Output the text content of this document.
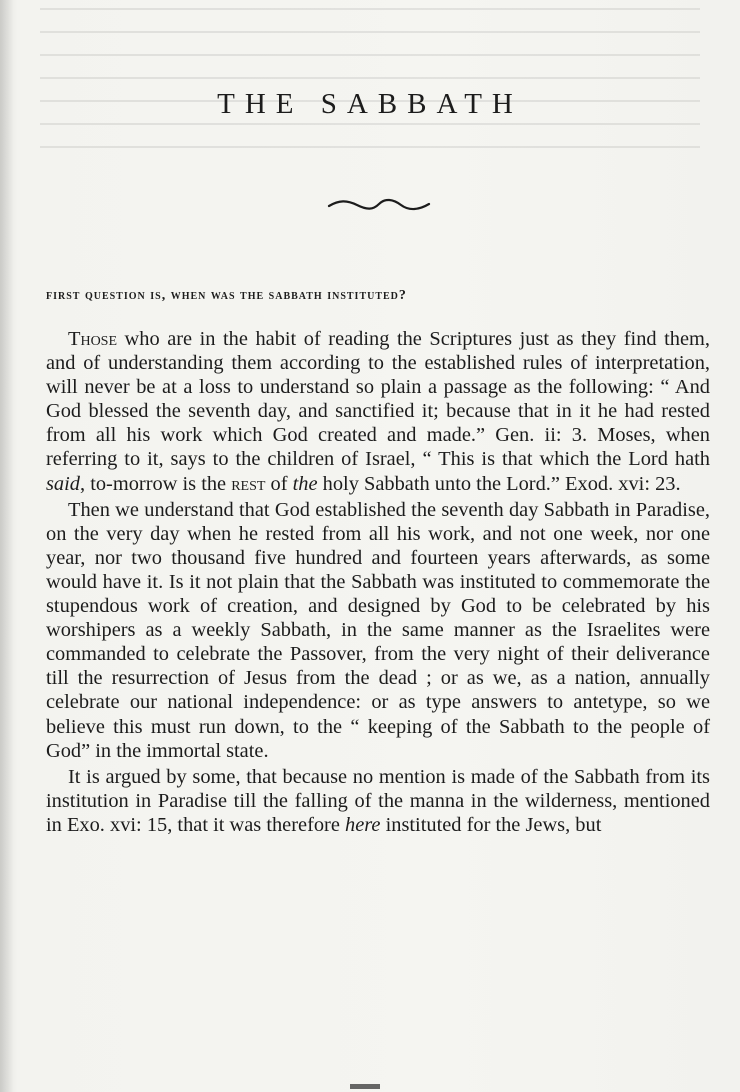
THE SABBATH
first question is, when was the sabbath instituted?

Those who are in the habit of reading the Scriptures just as they find them, and of understanding them according to the established rules of interpretation, will never be at a loss to understand so plain a passage as the following: “ And God blessed the seventh day, and sanctified it; because that in it he had rested from all his work which God created and made.” Gen. ii: 3. Moses, when referring to it, says to the children of Israel, “ This is that which the Lord hath said, to-morrow is the rest of the holy Sabbath unto the Lord.” Exod. xvi: 23.

Then we understand that God established the seventh day Sabbath in Paradise, on the very day when he rested from all his work, and not one week, nor one year, nor two thousand five hundred and fourteen years afterwards, as some would have it. Is it not plain that the Sabbath was instituted to commemorate the stupendous work of creation, and designed by God to be celebrated by his worshipers as a weekly Sabbath, in the same manner as the Israelites were commanded to celebrate the Passover, from the very night of their deliverance till the resurrection of Jesus from the dead ; or as we, as a nation, annually celebrate our national independence: or as type answers to antetype, so we believe this must run down, to the “ keeping of the Sabbath to the people of God” in the immortal state.

It is argued by some, that because no mention is made of the Sabbath from its institution in Paradise till the falling of the manna in the wilderness, mentioned in Exo. xvi: 15, that it was therefore here instituted for the Jews, but
